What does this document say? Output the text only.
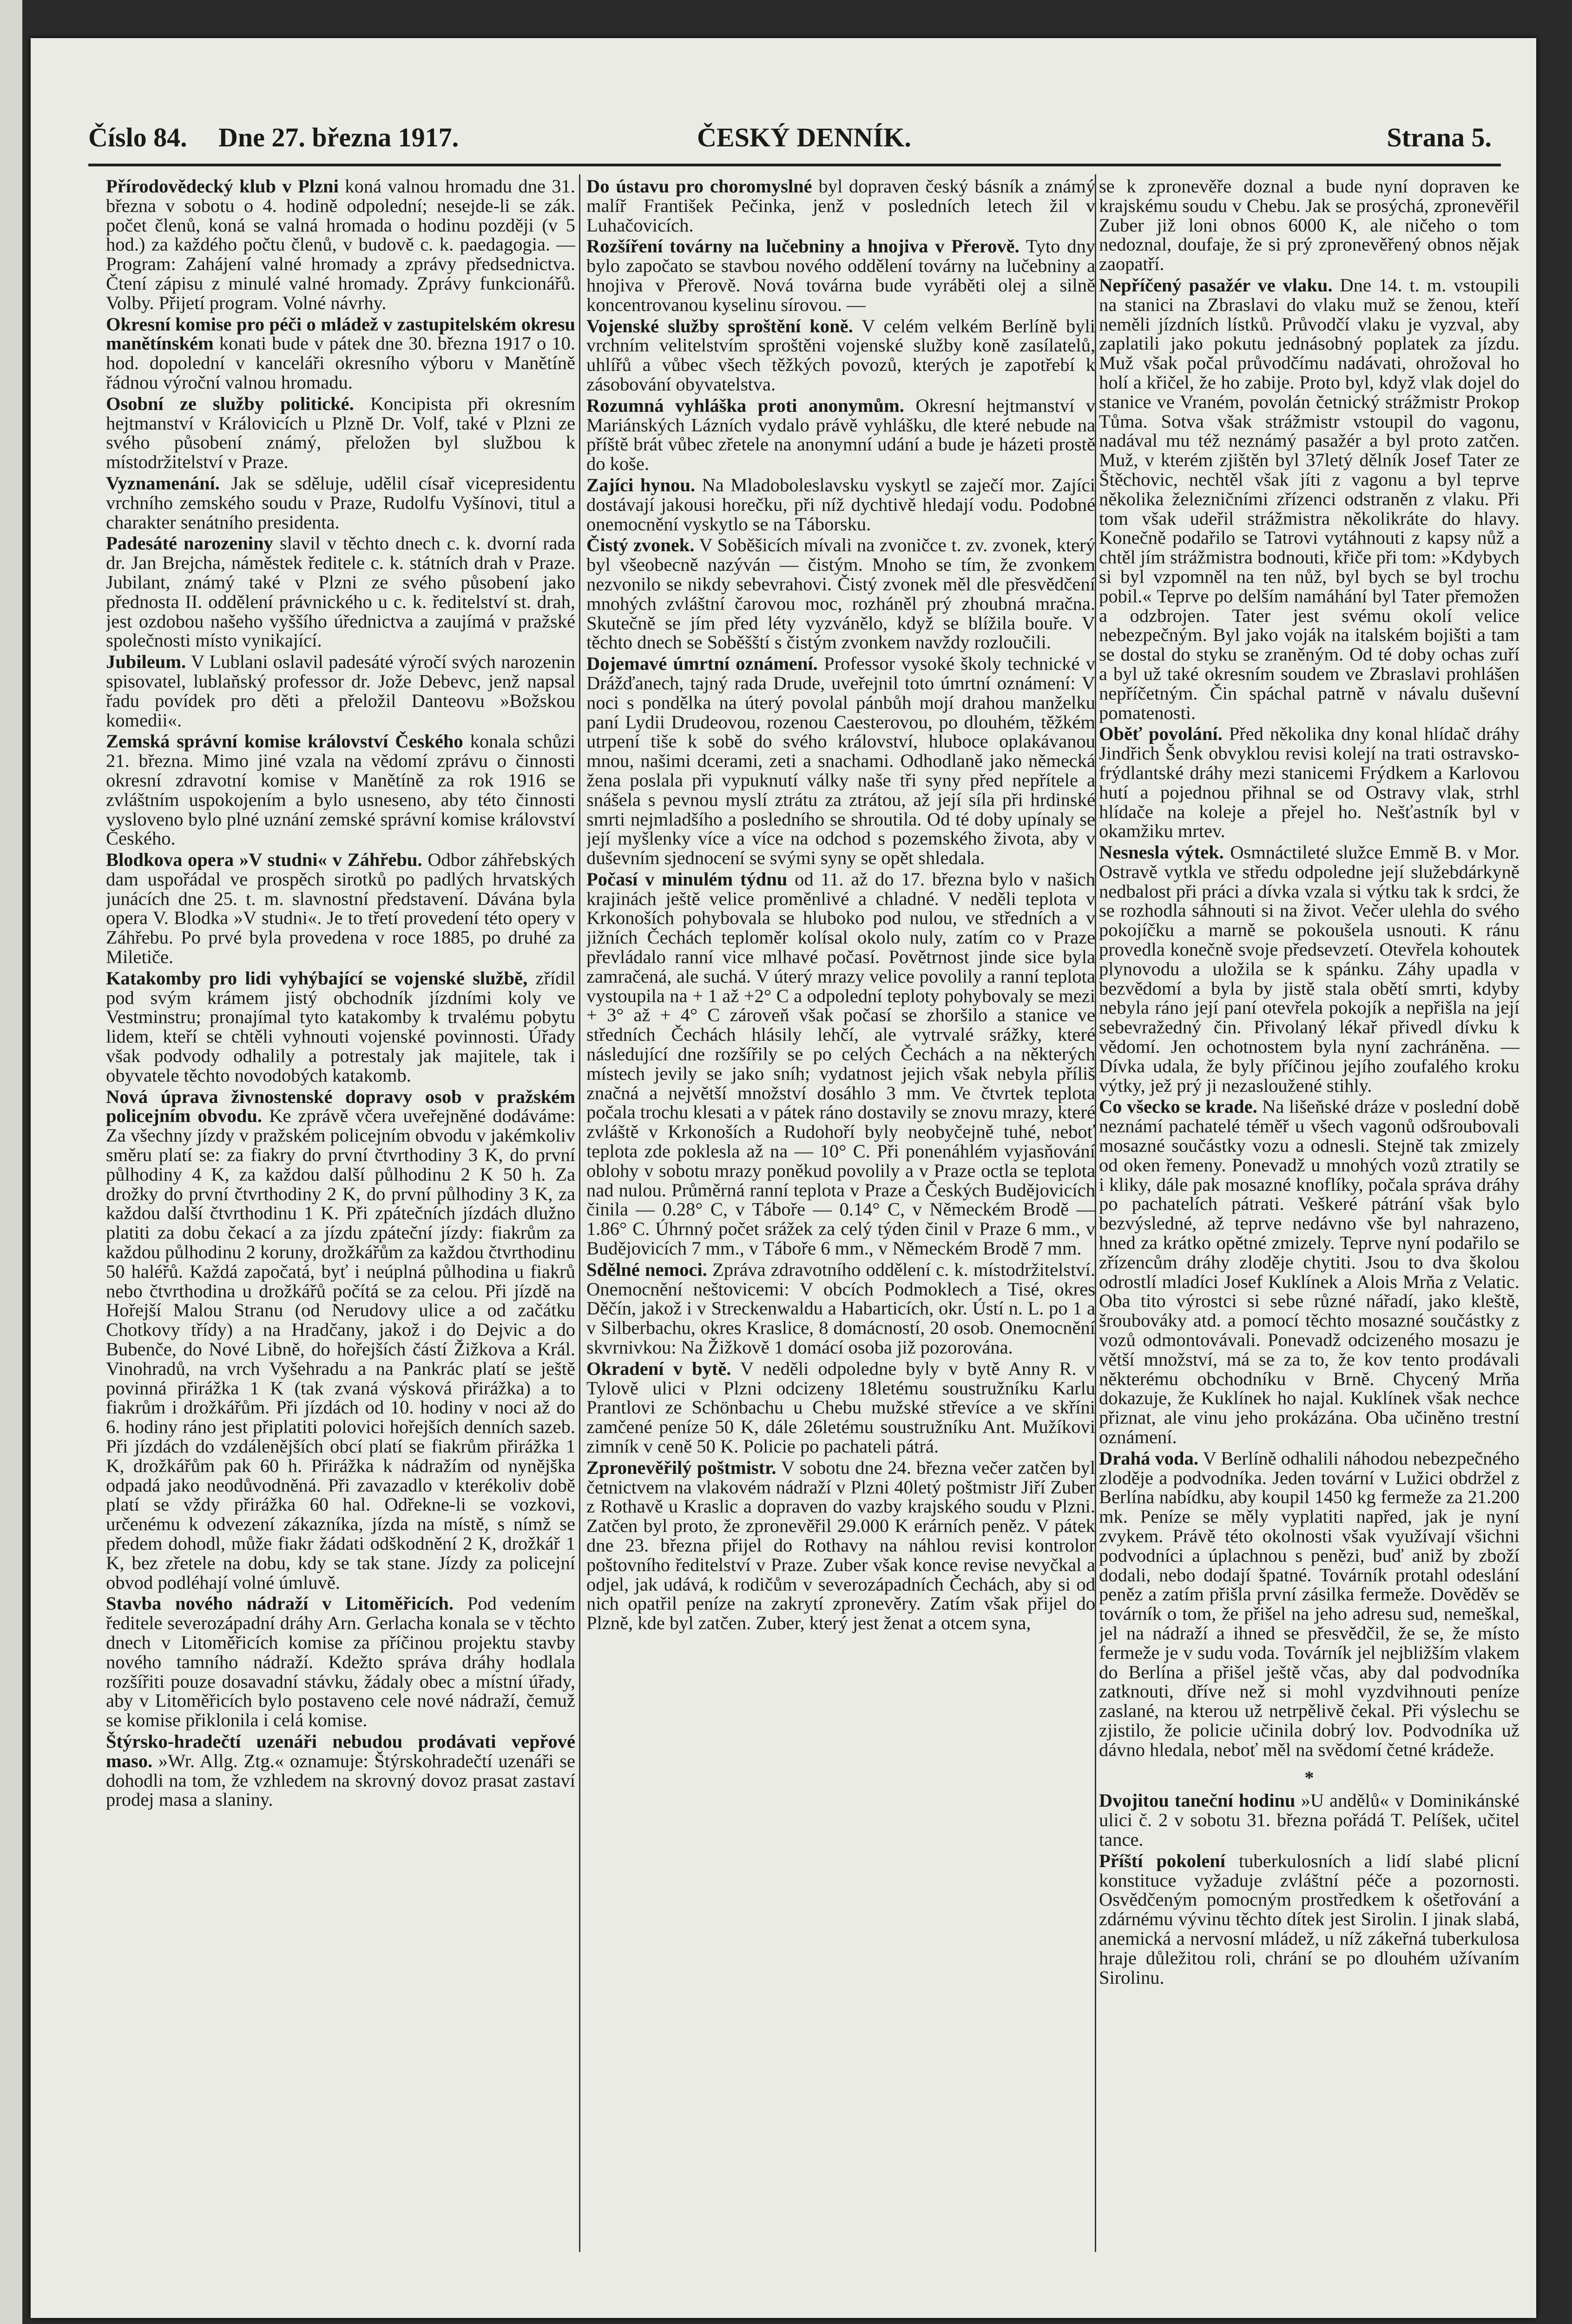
Číslo 84. Dne 27. března 1917.	ČESKÝ DENNÍK.	Strana 5.

Přírodovědecký klub v Plzni koná valnou hromadu dne 31. března v sobotu o 4. hodině odpolední; nesejde-li se zák. počet členů, koná se valná hromada o hodinu později (v 5 hod.) za každého počtu členů, v budově c. k. paedagogia. — Program: Zahájení valné hromady a zprávy předsednictva. Čtení zápisu z minulé valné hromady. Zprávy funkcionářů. Volby. Přijetí program. Volné návrhy.

Okresní komise pro péči o mládež v zastupitelském okresu manětínském konati bude v pátek dne 30. března 1917 o 10. hod. dopolední v kanceláři okresního výboru v Manětíně řádnou výroční valnou hromadu.

Osobní ze služby politické. Koncipista při okresním hejtmanství v Královicích u Plzně Dr. Volf, také v Plzni ze svého působení známý, přeložen byl službou k místodržitelství v Praze.

Vyznamenání. Jak se sděluje, udělil císař vicepresidentu vrchního zemského soudu v Praze, Rudolfu Vyšínovi, titul a charakter senátního presidenta.

Padesáté narozeniny slavil v těchto dnech c. k. dvorní rada dr. Jan Brejcha, náměstek ředitele c. k. státních drah v Praze. Jubilant, známý také v Plzni ze svého působení jako přednosta II. oddělení právnického u c. k. ředitelství st. drah, jest ozdobou našeho vyššího úřednictva a zaujímá v pražské společnosti místo vynikající.

Jubileum. V Lublani oslavil padesáté výročí svých narozenin spisovatel, lublaňský professor dr. Jože Debevc, jenž napsal řadu povídek pro děti a přeložil Danteovu »Božskou komedii«.

Zemská správní komise království Českého konala schůzi 21. března. Mimo jiné vzala na vědomí zprávu o činnosti okresní zdravotní komise v Manětíně za rok 1916 se zvláštním uspokojením a bylo usneseno, aby této činnosti vysloveno bylo plné uznání zemské správní komise království Českého.

Blodkova opera »V studni« v Záhřebu. Odbor záhřebských dam uspořádal ve prospěch sirotků po padlých hrvatských junácích dne 25. t. m. slavnostní představení. Dávána byla opera V. Blodka »V studni«. Je to třetí provedení této opery v Záhřebu. Po prvé byla provedena v roce 1885, po druhé za Miletiče.

Katakomby pro lidi vyhýbající se vojenské službě, zřídil pod svým krámem jistý obchodník jízdními koly ve Vestminstru; pronajímal tyto katakomby k trvalému pobytu lidem, kteří se chtěli vyhnouti vojenské povinnosti. Úřady však podvody odhalily a potrestaly jak majitele, tak i obyvatele těchto novodobých katakomb.

Nová úprava živnostenské dopravy osob v pražském policejním obvodu. Ke zprávě včera uveřejněné dodáváme: Za všechny jízdy v pražském policejním obvodu v jakémkoliv směru platí se: za fiakry do první čtvrthodiny 3 K, do první půlhodiny 4 K, za každou další půlhodinu 2 K 50 h. Za drožky do první čtvrthodiny 2 K, do první půlhodiny 3 K, za každou další čtvrthodinu 1 K. Při zpátečních jízdách dlužno platiti za dobu čekací a za jízdu zpáteční jízdy: fiakrům za každou půlhodinu 2 koruny, drožkářům za každou čtvrthodinu 50 haléřů. Každá započatá, byť i neúplná půlhodina u fiakrů nebo čtvrthodina u drožkářů počítá se za celou. Při jízdě na Hořejší Malou Stranu (od Nerudovy ulice a od začátku Chotkovy třídy) a na Hradčany, jakož i do Dejvic a do Bubenče, do Nové Libně, do hořejších částí Žižkova a Král. Vinohradů, na vrch Vyšehradu a na Pankrác platí se ještě povinná přirážka 1 K (tak zvaná výsková přirážka) a to fiakrům i drožkářům. Při jízdách od 10. hodiny v noci až do 6. hodiny ráno jest připlatiti polovici hořejších denních sazeb. Při jízdách do vzdálenějších obcí platí se fiakrům přirážka 1 K, drožkářům pak 60 h. Přirážka k nádražím od nynějška odpadá jako neodůvodněná. Při zavazadlo v kterékoliv době platí se vždy přirážka 60 hal. Odřekne-li se vozkovi, určenému k odvezení zákazníka, jízda na místě, s nímž se předem dohodl, může fiakr žádati odškodnění 2 K, drožkář 1 K, bez zřetele na dobu, kdy se tak stane. Jízdy za policejní obvod podléhají volné úmluvě.

Stavba nového nádraží v Litoměřicích. Pod vedením ředitele severozápadní dráhy Arn. Gerlacha konala se v těchto dnech v Litoměřicích komise za příčinou projektu stavby nového tamního nádraží. Kdežto správa dráhy hodlala rozšířiti pouze dosavadní stávku, žádaly obec a místní úřady, aby v Litoměřicích bylo postaveno cele nové nádraží, čemuž se komise přiklonila i celá komise.

Štýrsko-hradečtí uzenáři nebudou prodávati vepřové maso. »Wr. Allg. Ztg.« oznamuje: Štýrskohradečtí uzenáři se dohodli na tom, že vzhledem na skrovný dovoz prasat zastaví prodej masa a slaniny.

Do ústavu pro choromyslné byl dopraven český básník a známý malíř František Pečinka, jenž v posledních letech žil v Luhačovicích.

Rozšíření továrny na lučebniny a hnojiva v Přerově. Tyto dny bylo započato se stavbou nového oddělení továrny na lučebniny a hnojiva v Přerově. Nová továrna bude vyráběti olej a silně koncentrovanou kyselinu sírovou. —

Vojenské služby sproštění koně. V celém velkém Berlíně byli vrchním velitelstvím sproštěni vojenské služby koně zasílatelů, uhlířů a vůbec všech těžkých povozů, kterých je zapotřebí k zásobování obyvatelstva.

Rozumná vyhláška proti anonymům. Okresní hejtmanství v Mariánských Lázních vydalo právě vyhlášku, dle které nebude na příště brát vůbec zřetele na anonymní udání a bude je házeti prostě do koše.

Zajíci hynou. Na Mladoboleslavsku vyskytl se zaječí mor. Zajíci dostávají jakousi horečku, při níž dychtivě hledají vodu. Podobné onemocnění vyskytlo se na Táborsku.

Čistý zvonek. V Soběšicích mívali na zvoničce t. zv. zvonek, který byl všeobecně nazýván — čistým. Mnoho se tím, že zvonkem nezvonilo se nikdy sebevrahovi. Čistý zvonek měl dle přesvědčení mnohých zvláštní čarovou moc, rozháněl prý zhoubná mračna. Skutečně se jím před léty vyzvánělo, když se blížila bouře. V těchto dnech se Soběšští s čistým zvonkem navždy rozloučili.

Dojemavé úmrtní oznámení. Professor vysoké školy technické v Drážďanech, tajný rada Drude, uveřejnil toto úmrtní oznámení: V noci s pondělka na úterý povolal pánbůh mojí drahou manželku paní Lydii Drudeovou, rozenou Caesterovou, po dlouhém, těžkém utrpení tiše k sobě do svého království, hluboce oplakávanou mnou, našimi dcerami, zeti a snachami. Odhodlaně jako německá žena poslala při vypuknutí války naše tři syny před nepřítele a snášela s pevnou myslí ztrátu za ztrátou, až její síla při hrdinské smrti nejmladšího a posledního se shroutila. Od té doby upínaly se její myšlenky více a více na odchod s pozemského života, aby v duševním sjednocení se svými syny se opět shledala.

Počasí v minulém týdnu od 11. až do 17. března bylo v našich krajinách ještě velice proměnlivé a chladné. V neděli teplota v Krkonoších pohybovala se hluboko pod nulou, ve středních a v jižních Čechách teploměr kolísal okolo nuly, zatím co v Praze převládalo ranní vice mlhavé počasí. Povětrnost jinde sice byla zamračená, ale suchá. V úterý mrazy velice povolily a ranní teplota vystoupila na + 1 až +2° C a odpolední teploty pohybovaly se mezi + 3° až + 4° C zároveň však počasí se zhoršilo a stanice ve středních Čechách hlásily lehčí, ale vytrvalé srážky, které následující dne rozšířily se po celých Čechách a na některých místech jevily se jako sníh; vydatnost jejich však nebyla příliš značná a největší množství dosáhlo 3 mm. Ve čtvrtek teplota počala trochu klesati a v pátek ráno dostavily se znovu mrazy, které zvláště v Krkonoších a Rudohoří byly neobyčejně tuhé, neboť teplota zde poklesla až na — 10° C. Při ponenáhlém vyjasňování oblohy v sobotu mrazy poněkud povolily a v Praze octla se teplota nad nulou. Průměrná ranní teplota v Praze a Českých Budějovicích činila — 0.28° C, v Táboře — 0.14° C, v Německém Brodě — 1.86° C. Úhrnný počet srážek za celý týden činil v Praze 6 mm., v Budějovicích 7 mm., v Táboře 6 mm., v Německém Brodě 7 mm.

Sdělné nemoci. Zpráva zdravotního oddělení c. k. místodržitelství. Onemocnění neštovicemi: V obcích Podmoklech a Tisé, okres Děčín, jakož i v Streckenwaldu a Habarticích, okr. Ústí n. L. po 1 a v Silberbachu, okres Kraslice, 8 domácností, 20 osob. Onemocnění skvrnivkou: Na Žižkově 1 domácí osoba již pozorována.

Okradení v bytě. V neděli odpoledne byly v bytě Anny R. v Tylově ulici v Plzni odcizeny 18letému soustružníku Karlu Prantlovi ze Schönbachu u Chebu mužské střevíce a ve skříni zamčené peníze 50 K, dále 26letému soustružníku Ant. Mužíkovi zimník v ceně 50 K. Policie po pachateli pátrá.

Zpronevěřilý poštmistr. V sobotu dne 24. března večer zatčen byl četnictvem na vlakovém nádraží v Plzni 40letý poštmistr Jiří Zuber z Rothavě u Kraslic a dopraven do vazby krajského soudu v Plzni. Zatčen byl proto, že zpronevěřil 29.000 K erárních peněz. V pátek dne 23. března přijel do Rothavy na náhlou revisi kontrolor poštovního ředitelství v Praze. Zuber však konce revise nevyčkal a odjel, jak udává, k rodičům v severozápadních Čechách, aby si od nich opatřil peníze na zakrytí zpronevěry. Zatím však přijel do Plzně, kde byl zatčen. Zuber, který jest ženat a otcem syna,

se k zpronevěře doznal a bude nyní dopraven ke krajskému soudu v Chebu. Jak se prosýchá, zpronevěřil Zuber již loni obnos 6000 K, ale ničeho o tom nedoznal, doufaje, že si prý zpronevěřený obnos nějak zaopatří.

Nepříčený pasažér ve vlaku. Dne 14. t. m. vstoupili na stanici na Zbraslavi do vlaku muž se ženou, kteří neměli jízdních lístků. Průvodčí vlaku je vyzval, aby zaplatili jako pokutu jednásobný poplatek za jízdu. Muž však počal průvodčímu nadávati, ohrožoval ho holí a křičel, že ho zabije. Proto byl, když vlak dojel do stanice ve Vraném, povolán četnický strážmistr Prokop Tůma. Sotva však strážmistr vstoupil do vagonu, nadával mu též neznámý pasažér a byl proto zatčen. Muž, v kterém zjištěn byl 37letý dělník Josef Tater ze Štěchovic, nechtěl však jíti z vagonu a byl teprve několika železničními zřízenci odstraněn z vlaku. Při tom však udeřil strážmistra několikráte do hlavy. Konečně podařilo se Tatrovi vytáhnouti z kapsy nůž a chtěl jím strážmistra bodnouti, křiče při tom: »Kdybych si byl vzpomněl na ten nůž, byl bych se byl trochu pobil.« Teprve po delším namáhání byl Tater přemožen a odzbrojen. Tater jest svému okolí velice nebezpečným. Byl jako voják na italském bojišti a tam se dostal do styku se zraněným. Od té doby ochas zuří a byl už také okresním soudem ve Zbraslavi prohlášen nepříčetným. Čin spáchal patrně v návalu duševní pomatenosti.

Oběť povolání. Před několika dny konal hlídač dráhy Jindřich Šenk obvyklou revisi kolejí na trati ostravsko-frýdlantské dráhy mezi stanicemi Frýdkem a Karlovou hutí a pojednou přihnal se od Ostravy vlak, strhl hlídače na koleje a přejel ho. Nešťastník byl v okamžiku mrtev.

Nesnesla výtek. Osmnáctileté služce Emmě B. v Mor. Ostravě vytkla ve středu odpoledne její služebdárkyně nedbalost při práci a dívka vzala si výtku tak k srdci, že se rozhodla sáhnouti si na život. Večer ulehla do svého pokojíčku a marně se pokoušela usnouti. K ránu provedla konečně svoje předsevzetí. Otevřela kohoutek plynovodu a uložila se k spánku. Záhy upadla v bezvědomí a byla by jistě stala obětí smrti, kdyby nebyla ráno její paní otevřela pokojík a nepřišla na její sebevražedný čin. Přivolaný lékař přivedl dívku k vědomí. Jen ochotnostem byla nyní zachráněna. — Dívka udala, že byly příčinou jejího zoufalého kroku výtky, jež prý ji nezasloužené stihly.

Co všecko se krade. Na lišeňské dráze v poslední době neznámí pachatelé téměř u všech vagonů odšroubovali mosazné součástky vozu a odnesli. Stejně tak zmizely od oken řemeny. Ponevadž u mnohých vozů ztratily se i kliky, dále pak mosazné knoflíky, počala správa dráhy po pachatelích pátrati. Veškeré pátrání však bylo bezvýsledné, až teprve nedávno vše byl nahrazeno, hned za krátko opětné zmizely. Teprve nyní podařilo se zřízencům dráhy zloděje chytiti. Jsou to dva školou odrostlí mladíci Josef Kuklínek a Alois Mrňa z Velatic. Oba tito výrostci si sebe různé nářadí, jako kleště, šroubováky atd. a pomocí těchto mosazné součástky z vozů odmontovávali. Ponevadž odcizeného mosazu je větší množství, má se za to, že kov tento prodávali některému obchodníku v Brně. Chycený Mrňa dokazuje, že Kuklínek ho najal. Kuklínek však nechce přiznat, ale vinu jeho prokázána. Oba učiněno trestní oznámení.

Drahá voda. V Berlíně odhalili náhodou nebezpečného zloděje a podvodníka. Jeden tovární v Lužici obdržel z Berlína nabídku, aby koupil 1450 kg fermeže za 21.200 mk. Peníze se měly vyplatiti napřed, jak je nyní zvykem. Právě této okolnosti však využívají všichni podvodníci a úplachnou s penězi, buď aniž by zboží dodali, nebo dodají špatné. Továrník protahl odeslání peněz a zatím přišla první zásilka fermeže. Dověděv se továrník o tom, že přišel na jeho adresu sud, nemeškal, jel na nádraží a ihned se přesvědčil, že se, že místo fermeže je v sudu voda. Továrník jel nejbližším vlakem do Berlína a přišel ještě včas, aby dal podvodníka zatknouti, dříve než si mohl vyzdvihnouti peníze zaslané, na kterou už netrpělivě čekal. Při výslechu se zjistilo, že policie učinila dobrý lov. Podvodníka už dávno hledala, neboť měl na svědomí četné krádeže.

*

Dvojitou taneční hodinu »U andělů« v Dominikánské ulici č. 2 v sobotu 31. března pořádá T. Pelíšek, učitel tance.

Příští pokolení tuberkulosních a lidí slabé plicní konstituce vyžaduje zvláštní péče a pozornosti. Osvědčeným pomocným prostředkem k ošetřování a zdárnému vývinu těchto dítek jest Sirolin. I jinak slabá, anemická a nervosní mládež, u níž zákeřná tuberkulosa hraje důležitou roli, chrání se po dlouhém užívaním Sirolinu.
